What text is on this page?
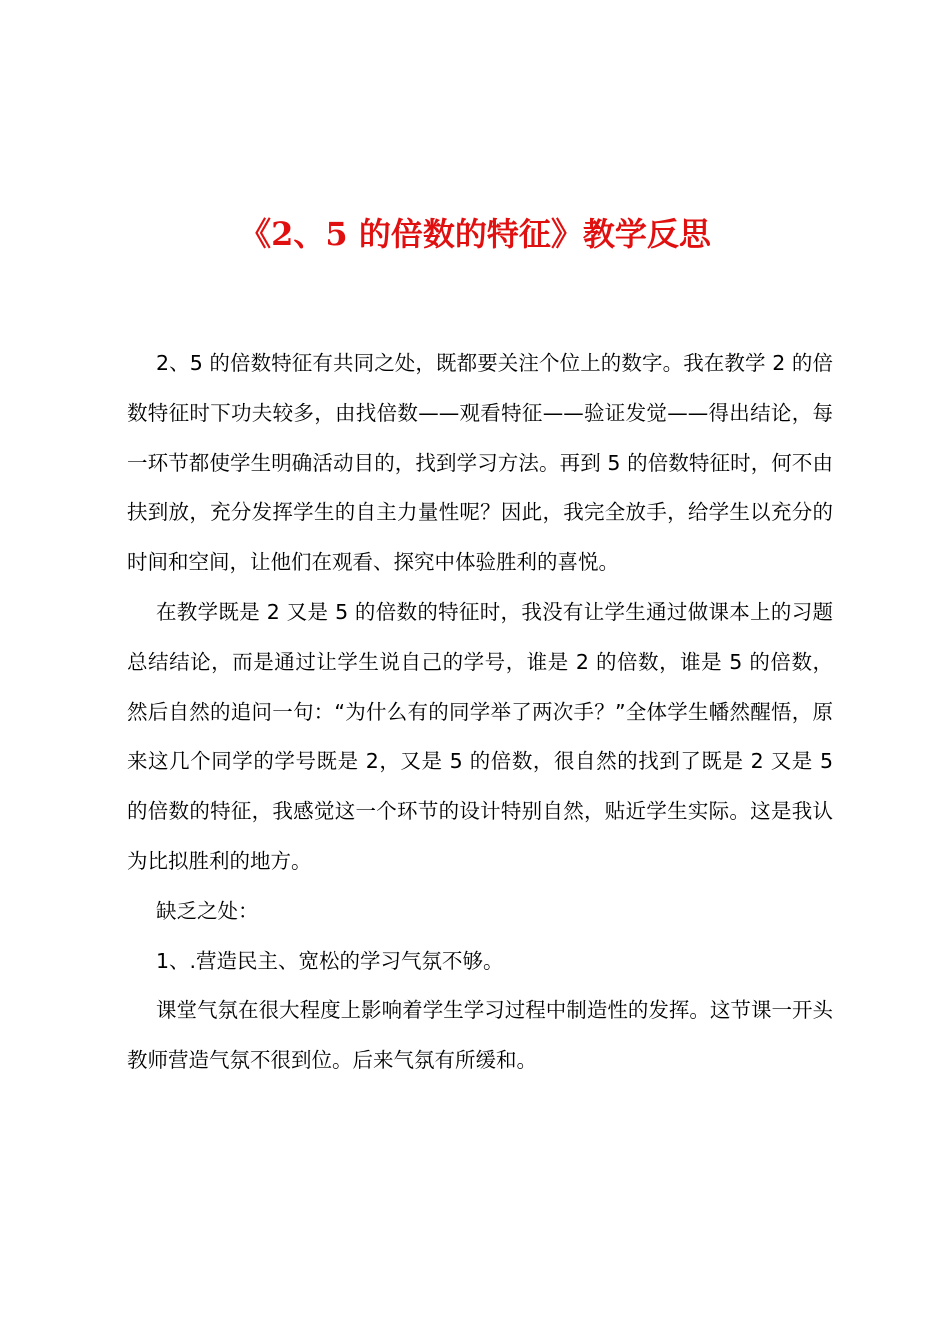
《2、5 的倍数的特征》教学反思

2、5 的倍数特征有共同之处，既都要关注个位上的数字。我在教学 2 的倍数特征时下功夫较多，由找倍数——观看特征——验证发觉——得出结论，每一环节都使学生明确活动目的，找到学习方法。再到 5 的倍数特征时，何不由扶到放，充分发挥学生的自主力量性呢？因此，我完全放手，给学生以充分的时间和空间，让他们在观看、探究中体验胜利的喜悦。

在教学既是 2 又是 5 的倍数的特征时，我没有让学生通过做课本上的习题总结结论，而是通过让学生说自己的学号，谁是 2 的倍数，谁是 5 的倍数，然后自然的追问一句：“为什么有的同学举了两次手？”全体学生幡然醒悟，原来这几个同学的学号既是 2，又是 5 的倍数，很自然的找到了既是 2 又是 5 的倍数的特征，我感觉这一个环节的设计特别自然，贴近学生实际。这是我认为比拟胜利的地方。

缺乏之处：

1、.营造民主、宽松的学习气氛不够。

课堂气氛在很大程度上影响着学生学习过程中制造性的发挥。这节课一开头教师营造气氛不很到位。后来气氛有所缓和。
